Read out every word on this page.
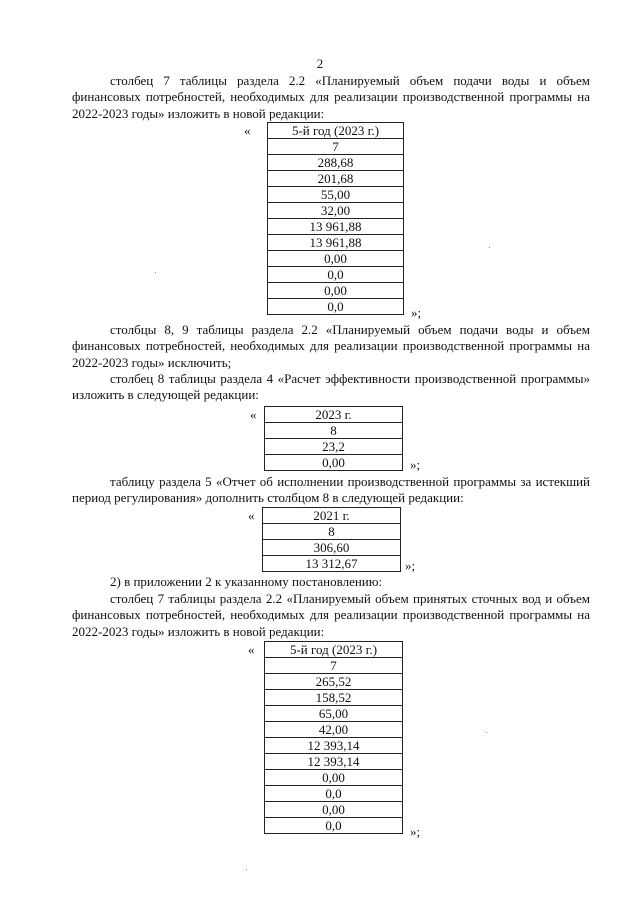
2

столбец 7 таблицы раздела 2.2 «Планируемый объем подачи воды и объем финансовых потребностей, необходимых для реализации производственной программы на 2022-2023 годы» изложить в новой редакции:

«	5-й год (2023 г.)
7
288,68
201,68
55,00
32,00
13 961,88
13 961,88
0,00
0,0
0,00
0,0	»;

столбцы 8, 9 таблицы раздела 2.2 «Планируемый объем подачи воды и объем финансовых потребностей, необходимых для реализации производственной программы на 2022-2023 годы» исключить;

столбец 8 таблицы раздела 4 «Расчет эффективности производственной программы» изложить в следующей редакции:

«	2023 г.
8
23,2
0,00	»;

таблицу раздела 5 «Отчет об исполнении производственной программы за истекший период регулирования» дополнить столбцом 8 в следующей редакции:

«	2021 г.
8
306,60
13 312,67	»;

2) в приложении 2 к указанному постановлению:

столбец 7 таблицы раздела 2.2 «Планируемый объем принятых сточных вод и объем финансовых потребностей, необходимых для реализации производственной программы на 2022-2023 годы» изложить в новой редакции:

«	5-й год (2023 г.)
7
265,52
158,52
65,00
42,00
12 393,14
12 393,14
0,00
0,0
0,00
0,0	»;
